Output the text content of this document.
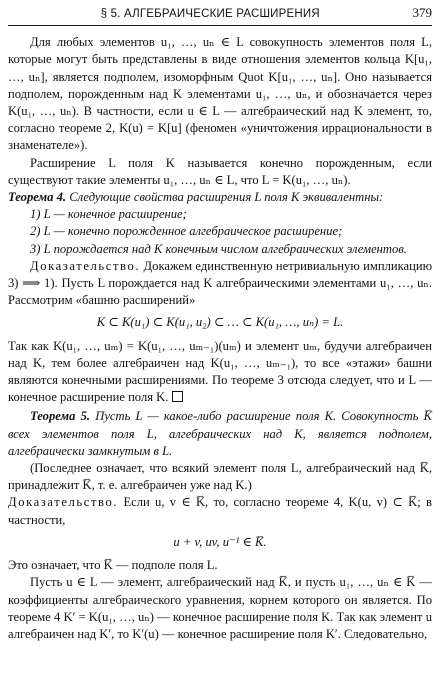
§ 5. АЛГЕБРАИЧЕСКИЕ РАСШИРЕНИЯ	379

Для любых элементов u₁, …, uₙ ∈ L совокупность элементов поля L, которые могут быть представлены в виде отношения элементов кольца K[u₁, …, uₙ], является подполем, изоморфным Quot K[u₁, …, uₙ]. Оно называется подполем, порожденным над K элементами u₁, …, uₙ, и обозначается через K(u₁, …, uₙ). В частности, если u ∈ L — алгебраический над K элемент, то, согласно теореме 2, K(u) = K[u] (феномен «уничтожения иррациональности в знаменателе»).

Расширение L поля K называется конечно порожденным, если существуют такие элементы u₁, …, uₙ ∈ L, что L = K(u₁, …, uₙ).

Теорема 4. Следующие свойства расширения L поля K эквивалентны:

1) L — конечное расширение;

2) L — конечно порожденное алгебраическое расширение;

3) L порождается над K конечным числом алгебраических элементов.

Доказательство. Докажем единственную нетривиальную импликацию 3) ⟹ 1). Пусть L порождается над K алгебраическими элементами u₁, …, uₙ. Рассмотрим «башню расширений»

K ⊂ K(u₁) ⊂ K(u₁, u₂) ⊂ … ⊂ K(u₁, …, uₙ) = L.

Так как K(u₁, …, uₘ) = K(u₁, …, uₘ₋₁)(uₘ) и элемент uₘ, будучи алгебраичен над K, тем более алгебраичен над K(u₁, …, uₘ₋₁), то все «этажи» башни являются конечными расширениями. По теореме 3 отсюда следует, что и L — конечное расширение поля K.

Теорема 5. Пусть L — какое-либо расширение поля K. Совокупность K̅ всех элементов поля L, алгебраических над K, является подполем, алгебраически замкнутым в L.

(Последнее означает, что всякий элемент поля L, алгебраический над K̅, принадлежит K̅, т. е. алгебраичен уже над K.)

Доказательство. Если u, v ∈ K̅, то, согласно теореме 4, K(u, v) ⊂ K̅; в частности,

u + v, uv, u⁻¹ ∈ K̅.

Это означает, что K̅ — подполе поля L.

Пусть u ∈ L — элемент, алгебраический над K̅, и пусть u₁, …, uₙ ∈ K̅ — коэффициенты алгебраического уравнения, корнем которого он является. По теореме 4 K′ = K(u₁, …, uₙ) — конечное расширение поля K. Так как элемент u алгебраичен над K′, то K′(u) — конечное расширение поля K′. Следовательно,
